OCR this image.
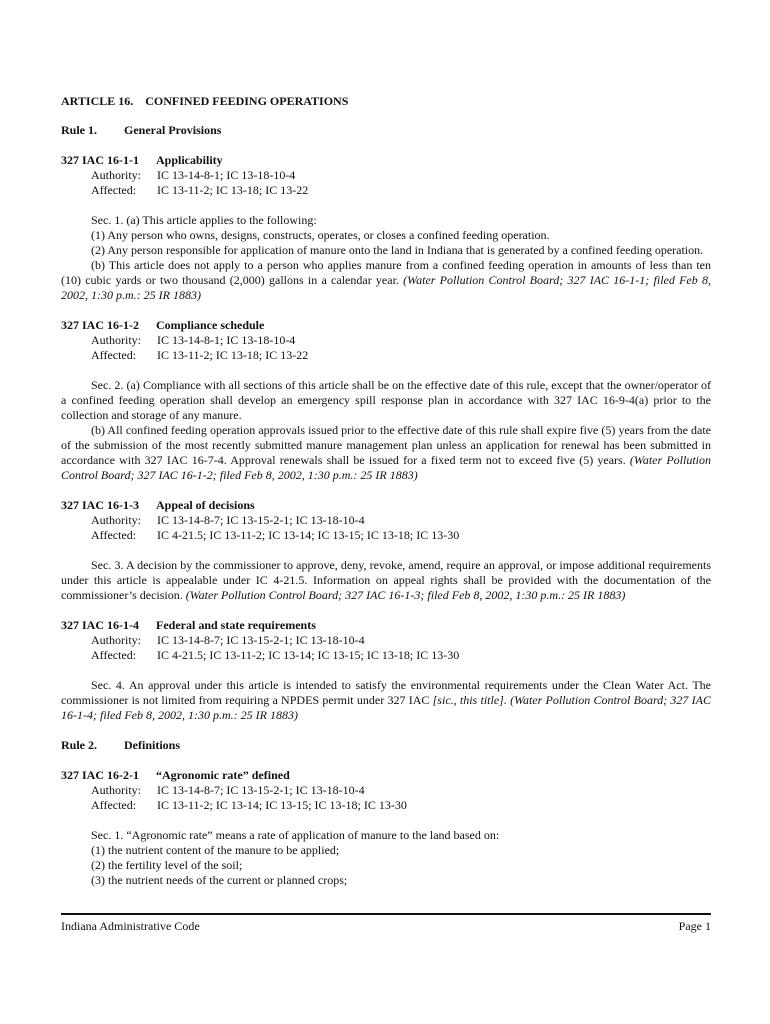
ARTICLE 16.    CONFINED FEEDING OPERATIONS
Rule 1. General Provisions
327 IAC 16-1-1 Applicability
Authority: IC 13-14-8-1; IC 13-18-10-4
Affected: IC 13-11-2; IC 13-18; IC 13-22

Sec. 1. (a) This article applies to the following:

(1) Any person who owns, designs, constructs, operates, or closes a confined feeding operation.

(2) Any person responsible for application of manure onto the land in Indiana that is generated by a confined feeding operation.

(b) This article does not apply to a person who applies manure from a confined feeding operation in amounts of less than ten (10) cubic yards or two thousand (2,000) gallons in a calendar year. (Water Pollution Control Board; 327 IAC 16-1-1; filed Feb 8, 2002, 1:30 p.m.: 25 IR 1883)

327 IAC 16-1-2 Compliance schedule
Authority: IC 13-14-8-1; IC 13-18-10-4
Affected: IC 13-11-2; IC 13-18; IC 13-22

Sec. 2. (a) Compliance with all sections of this article shall be on the effective date of this rule, except that the owner/operator of a confined feeding operation shall develop an emergency spill response plan in accordance with 327 IAC 16-9-4(a) prior to the collection and storage of any manure.

(b) All confined feeding operation approvals issued prior to the effective date of this rule shall expire five (5) years from the date of the submission of the most recently submitted manure management plan unless an application for renewal has been submitted in accordance with 327 IAC 16-7-4. Approval renewals shall be issued for a fixed term not to exceed five (5) years. (Water Pollution Control Board; 327 IAC 16-1-2; filed Feb 8, 2002, 1:30 p.m.: 25 IR 1883)

327 IAC 16-1-3 Appeal of decisions
Authority: IC 13-14-8-7; IC 13-15-2-1; IC 13-18-10-4
Affected: IC 4-21.5; IC 13-11-2; IC 13-14; IC 13-15; IC 13-18; IC 13-30

Sec. 3. A decision by the commissioner to approve, deny, revoke, amend, require an approval, or impose additional requirements under this article is appealable under IC 4-21.5. Information on appeal rights shall be provided with the documentation of the commissioner’s decision. (Water Pollution Control Board; 327 IAC 16-1-3; filed Feb 8, 2002, 1:30 p.m.: 25 IR 1883)

327 IAC 16-1-4 Federal and state requirements
Authority: IC 13-14-8-7; IC 13-15-2-1; IC 13-18-10-4
Affected: IC 4-21.5; IC 13-11-2; IC 13-14; IC 13-15; IC 13-18; IC 13-30

Sec. 4. An approval under this article is intended to satisfy the environmental requirements under the Clean Water Act. The commissioner is not limited from requiring a NPDES permit under 327 IAC [sic., this title]. (Water Pollution Control Board; 327 IAC 16-1-4; filed Feb 8, 2002, 1:30 p.m.: 25 IR 1883)

Rule 2. Definitions
327 IAC 16-2-1 “Agronomic rate” defined
Authority: IC 13-14-8-7; IC 13-15-2-1; IC 13-18-10-4
Affected: IC 13-11-2; IC 13-14; IC 13-15; IC 13-18; IC 13-30

Sec. 1. “Agronomic rate” means a rate of application of manure to the land based on:

(1) the nutrient content of the manure to be applied;

(2) the fertility level of the soil;

(3) the nutrient needs of the current or planned crops;

Indiana Administrative Code	Page 1
